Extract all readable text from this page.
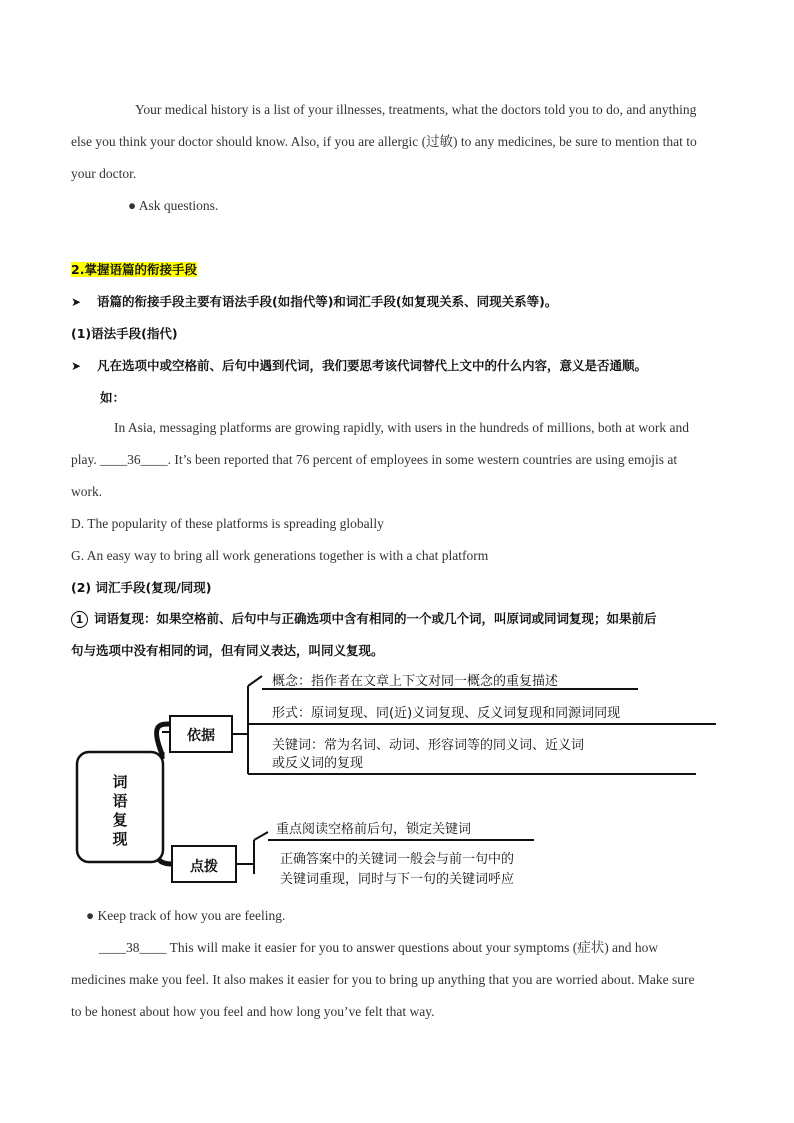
Your medical history is a list of your illnesses, treatments, what the doctors told you to do, and anything
else you think your doctor should know. Also, if you are allergic (过敏) to any medicines, be sure to mention that to
your doctor.
● Ask questions.
2.掌握语篇的衔接手段
➤ 语篇的衔接手段主要有语法手段(如指代等)和词汇手段(如复现关系、同现关系等)。
(1)语法手段(指代)
➤ 凡在选项中或空格前、后句中遇到代词，我们要思考该代词替代上文中的什么内容，意义是否通顺。
如：
In Asia, messaging platforms are growing rapidly, with users in the hundreds of millions, both at work and
play. ____36____. It’s been reported that 76 percent of employees in some western countries are using emojis at
work.
D. The popularity of these platforms is spreading globally
G. An easy way to bring all work generations together is with a chat platform
(2) 词汇手段(复现/同现)
1 词语复现：如果空格前、后句中与正确选项中含有相同的一个或几个词，叫原词或同词复现；如果前后
句与选项中没有相同的词，但有同义表达，叫同义复现。
词
语
复
现
依据
概念：指作者在文章上下文对同一概念的重复描述
形式：原词复现、同(近)义词复现、反义词复现和同源词同现
关键词：常为名词、动词、形容词等的同义词、近义词
或反义词的复现
点拨
重点阅读空格前后句，锁定关键词
正确答案中的关键词一般会与前一句中的
关键词重现，同时与下一句的关键词呼应
● Keep track of how you are feeling.
____38____ This will make it easier for you to answer questions about your symptoms (症状) and how
medicines make you feel. It also makes it easier for you to bring up anything that you are worried about. Make sure
to be honest about how you feel and how long you’ve felt that way.
